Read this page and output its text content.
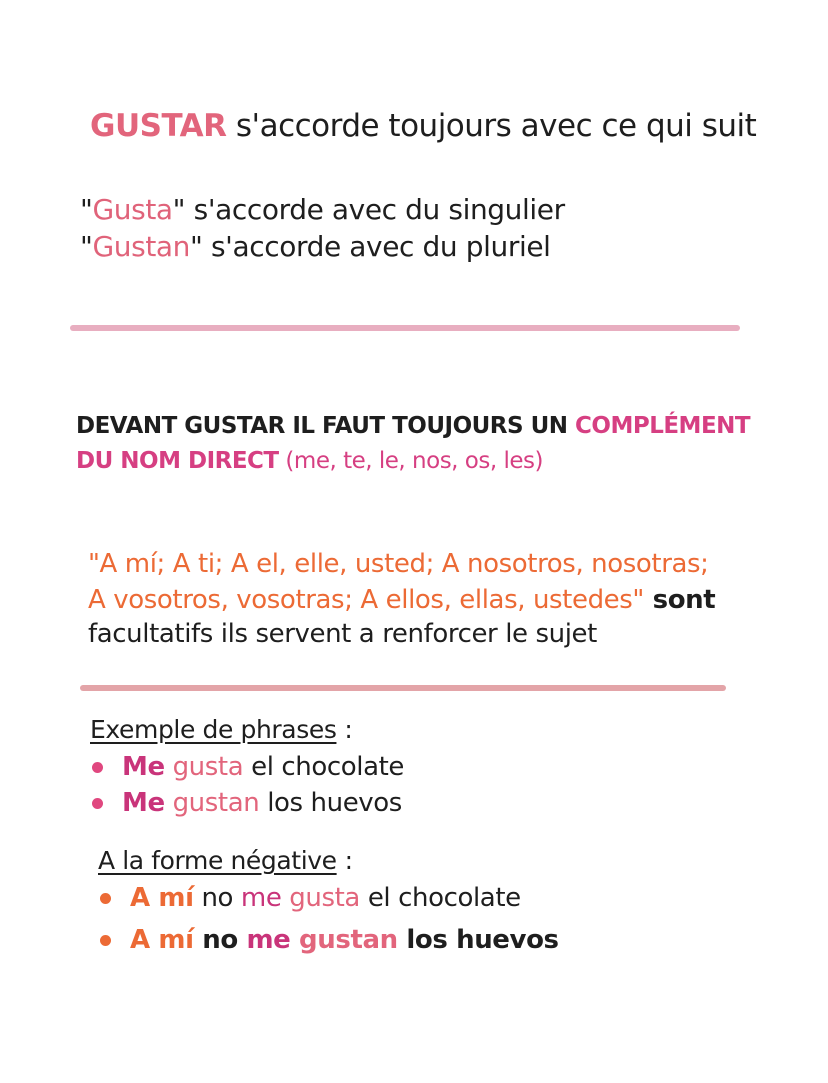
GUSTAR s'accorde toujours avec ce qui suit
"Gusta" s'accorde avec du singulier
"Gustan" s'accorde avec du pluriel
DEVANT GUSTAR IL FAUT TOUJOURS UN COMPLÉMENT
DU NOM DIRECT (me, te, le, nos, os, les)
"A mí; A ti; A el, elle, usted; A nosotros, nosotras;
A vosotros, vosotras; A ellos, ellas, ustedes" sont
facultatifs ils servent a renforcer le sujet
Exemple de phrases :
Me gusta el chocolate
Me gustan los huevos
A la forme négative :
A mí no me gusta el chocolate
A mí no me gustan los huevos
